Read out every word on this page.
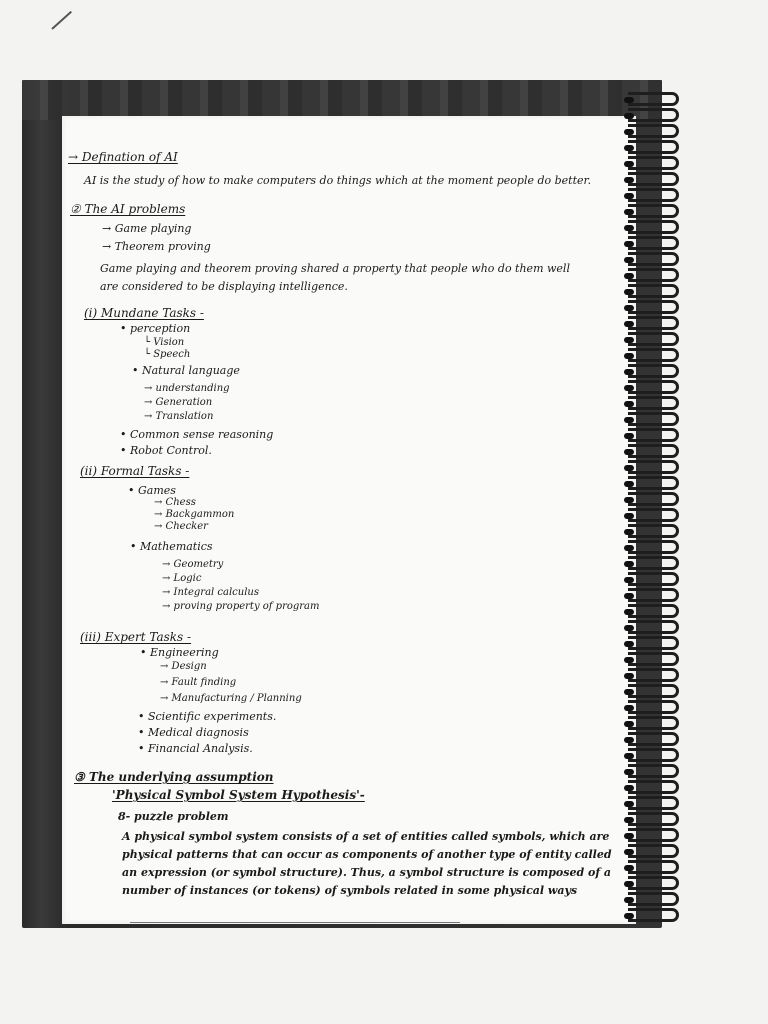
→ Defination of AI
AI is the study of how to make computers do things which at the moment people do better.
② The AI problems
→ Game playing
→ Theorem proving
Game playing and theorem proving shared a property that people who do them well
are considered to be displaying intelligence.
(i) Mundane Tasks -
• perception
└ Vision
└ Speech
• Natural language
→ understanding
→ Generation
→ Translation
• Common sense reasoning
• Robot Control.
(ii) Formal Tasks -
• Games
→ Chess
→ Backgammon
→ Checker
• Mathematics
→ Geometry
→ Logic
→ Integral calculus
→ proving property of program
(iii) Expert Tasks -
• Engineering
→ Design
→ Fault finding
→ Manufacturing / Planning
• Scientific experiments.
• Medical diagnosis
• Financial Analysis.
③ The underlying assumption
'Physical Symbol System Hypothesis'-
8- puzzle problem
A physical symbol system consists of a set of entities called symbols, which are
physical patterns that can occur as components of another type of entity called
an expression (or symbol structure). Thus, a symbol structure is composed of a
number of instances (or tokens) of symbols related in some physical ways
